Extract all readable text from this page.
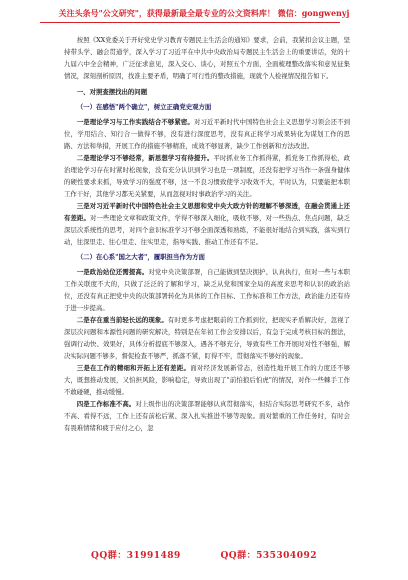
关注头条号"公文研究"，获得最新最全最专业的公文资料库！ 微信：gongwenyj

按照《XX党委关于开好党史学习教育专题民主生活会的通知》要求，会前，我紧扣会议主题，坚持带头学、融会贯通学，深入学习了习近平在中共中央政治局专题民主生活会上的重要讲话，党的十九届六中全会精神，广泛征求意见，深入交心、谈心，对照五个方面，全面梳理整改落实和意见征集情况，深刻剖析原因，找准主要矛盾，明确了可行性的整改措施，现就个人检视情况报告如下。

一、对照查摆找出的问题
（一）在感悟"两个确立"，树立正确党史观方面

一是理论学习与工作实践结合不够紧密。对习近平新时代中国特色社会主义思想学习领会还不到位，学用结合、知行合一做得不够，没有进行深度思考，没有真正将学习成果转化为谋划工作的思路、方法和举措，开展工作的措施不够精准，成效不够显著，缺少工作创新和方法改进。

二是理论学习不够经常，新思想学习有待提升。平时抓业务工作抓得紧，抓党务工作抓得松，政治理论学习存在时紧时松现象，没有充分认识到学习也是一项制度，还没有把学习当作一条强身健体的硬性要求来抓，导致学习的强度不够，这一不良习惯致使学习收效不大，平时认为，只要能把本职工作干好，其他学习都无关紧要，从而忽视对时事政治学习的关注。

三是对习近平新时代中国特色社会主义思想和党中央大政方针的理解不够深透，在融会贯通上还有差距。对一些理论文章和政策文件，学得不够深入细化，吸收不够，对一些热点、焦点问题，缺乏深层次系统性的思考，对四个意识标准学习不够全面深透和熟练，不能很好地结合到实践，落实到行动，往深里走、往心里走、往实里走，指导实践、推动工作还有不足。

（二）在心系"国之大者"，履职担当作为方面

一是政治站位还需提高。对党中央决策部署，自己能做到坚决拥护、认真执行，但对一些与本职工作关联度不大的，只做了泛泛的了解和学习，缺乏从党和国家全局的高度来思考和认识的政治站位，还没有真正把党中央的决策部署转化为具体的工作目标、工作标准和工作方法，政治能力还有待于进一步提高。

二是存在重当前轻长远的现象。有时更多考虑把眼前的工作抓到位，把现实矛盾解决好，忽视了深层次问题和本源性问题的研究解决，特别是在年初工作会安排以后，有急于完成考核目标的想法，强调行动快、效果好，具体分析提底不够深入，遇各不够充分，导致有些工作开展时对性不够强，解决实际问题不够多，督促检查不够严，抓落不紧，盯得不牢，贯彻落实不够好的现象。

三是在工作的精细和开拓上还有差距。面对经济发展新常态，创造性地开展工作的力度还不够大，既想推动发展，又怕担风险，影响稳定，导致出现了"前怕狼后怕虎"的情况，对作一些棘手工作不敢碰硬，推动缓慢。

四是工作标准不高。对上级作出的决策部署能够认真贯彻落实，但结合实际思考研究不多，动作不高、看得不远，工作上还有前松后紧、深入扎实推进不够等现象。面对繁重的工作任务时，有时会有畏难情绪和疲于应付之心，忽

QQ群：31991489	QQ群：535304092
